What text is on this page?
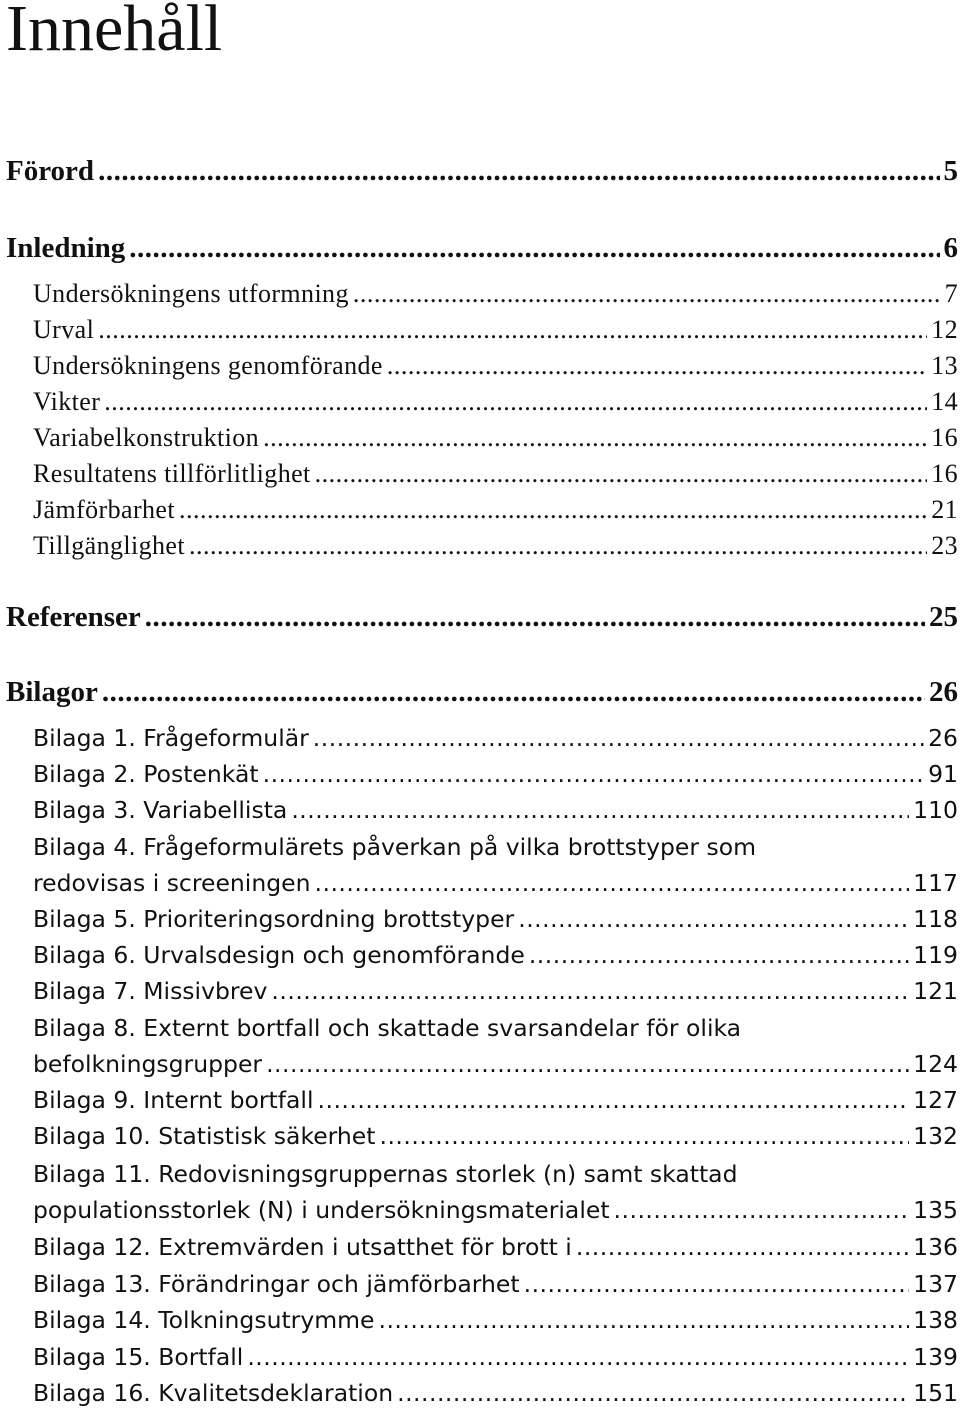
Innehåll
Förord .....	5
Inledning .....	6
Undersökningens utformning .....	7
Urval .....	12
Undersökningens genomförande .....	13
Vikter .....	14
Variabelkonstruktion .....	16
Resultatens tillförlitlighet .....	16
Jämförbarhet .....	21
Tillgänglighet .....	23
Referenser .....	25
Bilagor .....	26
Bilaga 1. Frågeformulär .....	26
Bilaga 2. Postenkät .....	91
Bilaga 3. Variabellista .....	110
Bilaga 4. Frågeformulärets påverkan på vilka brottstyper som
redovisas i screeningen .....	117
Bilaga 5. Prioriteringsordning brottstyper .....	118
Bilaga 6. Urvalsdesign och genomförande .....	119
Bilaga 7. Missivbrev .....	121
Bilaga 8. Externt bortfall och skattade svarsandelar för olika
befolkningsgrupper .....	124
Bilaga 9. Internt bortfall .....	127
Bilaga 10. Statistisk säkerhet .....	132
Bilaga 11. Redovisningsgruppernas storlek (n) samt skattad
populationsstorlek (N) i undersökningsmaterialet .....	135
Bilaga 12. Extremvärden i utsatthet för brott i .....	136
Bilaga 13. Förändringar och jämförbarhet .....	137
Bilaga 14. Tolkningsutrymme .....	138
Bilaga 15. Bortfall .....	139
Bilaga 16. Kvalitetsdeklaration .....	151
